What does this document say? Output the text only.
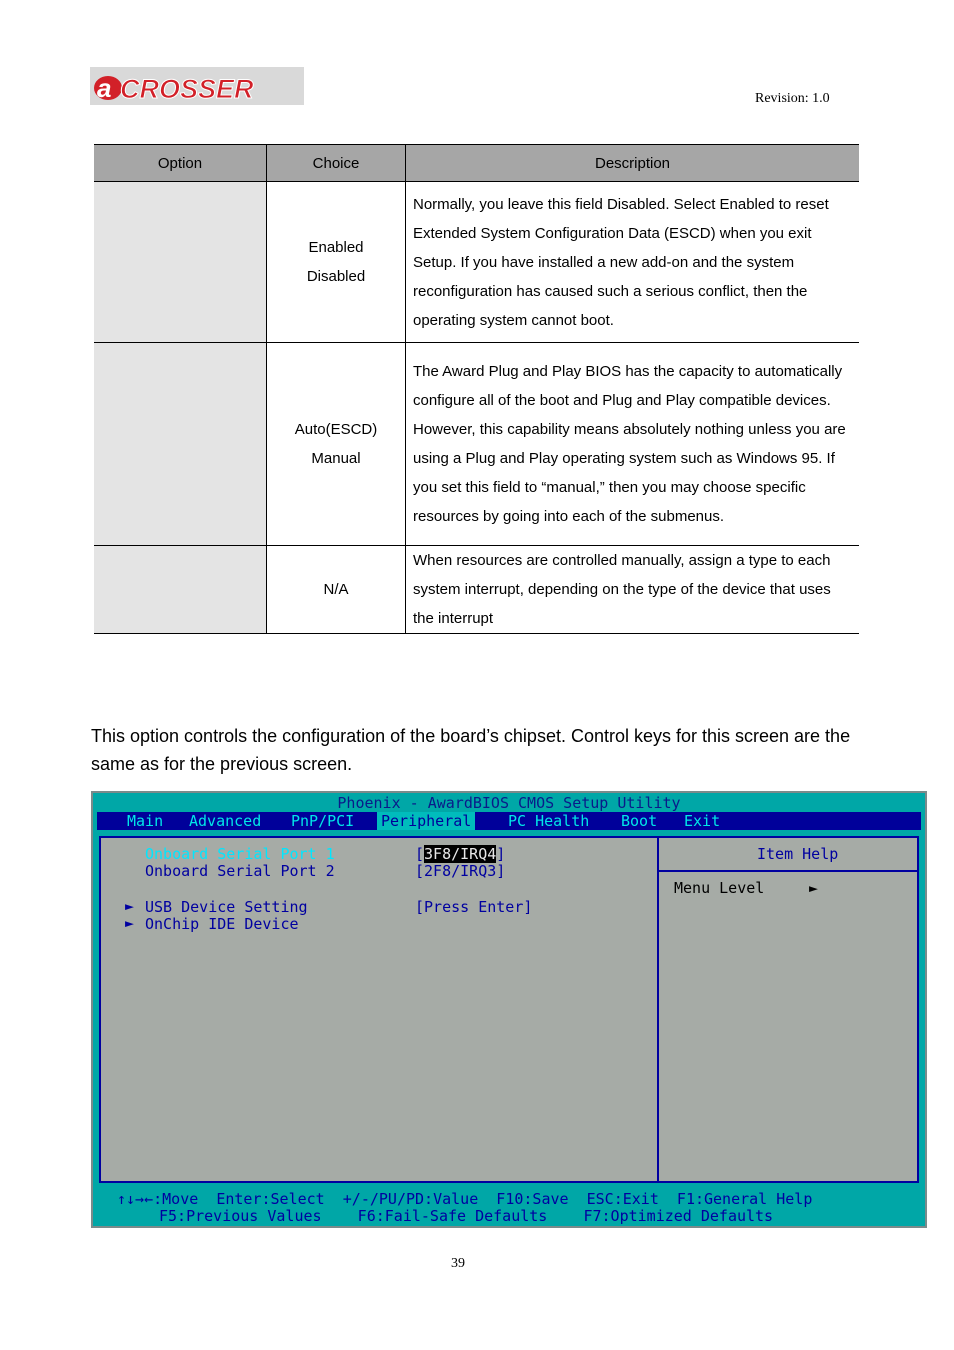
a CROSSER	Revision: 1.0
Option	Choice	Description

	Enabled
Disabled	Normally, you leave this field Disabled. Select Enabled to reset Extended System Configuration Data (ESCD) when you exit Setup. If you have installed a new add-on and the system reconfiguration has caused such a serious conflict, then the operating system cannot boot.

	Auto(ESCD)
Manual	The Award Plug and Play BIOS has the capacity to automatically configure all of the boot and Plug and Play compatible devices. However, this capability means absolutely nothing unless you are using a Plug and Play operating system such as Windows 95. If you set this field to “manual,” then you may choose specific resources by going into each of the submenus.

	N/A	When resources are controlled manually, assign a type to each system interrupt, depending on the type of the device that uses the interrupt
This option controls the configuration of the board’s chipset. Control keys for this screen are the same as for the previous screen.
Phoenix - AwardBIOS CMOS Setup Utility
Main Advanced PnP/PCI Peripheral PC Health Boot Exit
Onboard Serial Port 1	[3F8/IRQ4]
Onboard Serial Port 2	[2F8/IRQ3]
► USB Device Setting	[Press Enter]
► OnChip IDE Device
Item Help
Menu Level	►
↑↓→←:Move  Enter:Select  +/-/PU/PD:Value  F10:Save  ESC:Exit  F1:General Help
F5:Previous Values    F6:Fail-Safe Defaults    F7:Optimized Defaults
39
